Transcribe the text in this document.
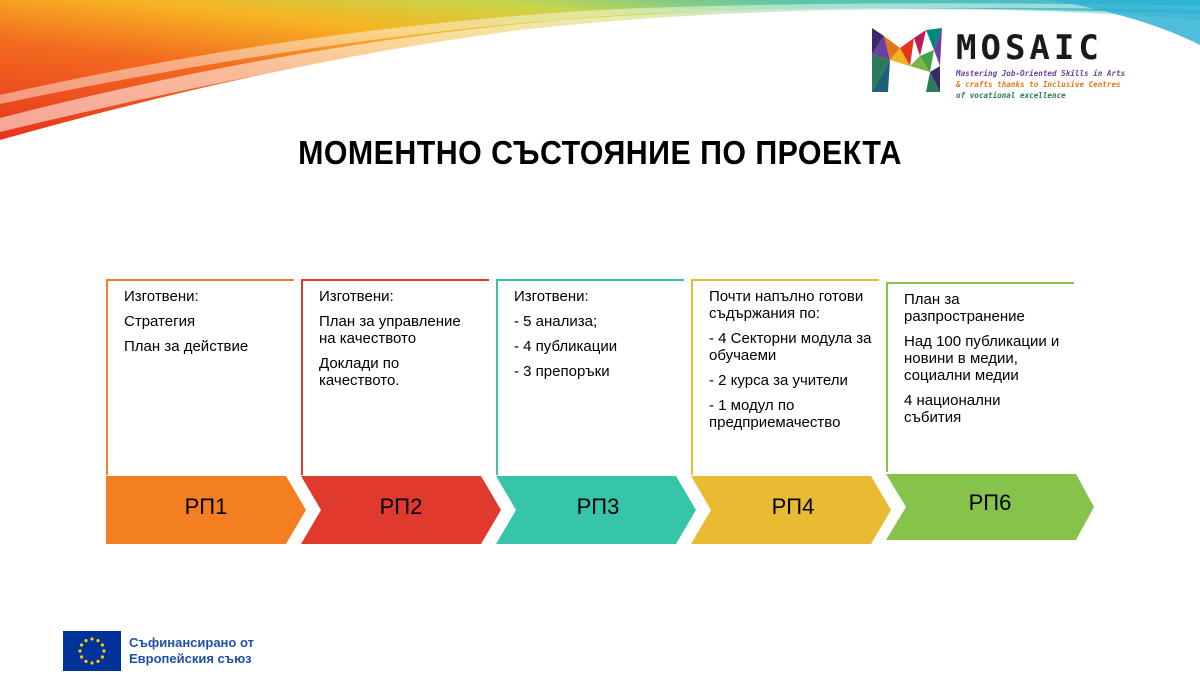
MOSAIC
Mastering Job-Oriented Skills in Arts
& crafts thanks to Inclusive Centres
of vocational excellence
МОМЕНТНО СЪСТОЯНИЕ ПО ПРОЕКТА
Изготвени:
Стратегия
План за действие
Изготвени:
План за управление на качеството
Доклади по качеството.
Изготвени:
- 5 анализа;
- 4 публикации
- 3 препоръки
Почти напълно готови съдържания по:
- 4 Секторни модула за обучаеми
- 2 курса за учители
- 1 модул по предприемачество
План за разпространение
Над 100 публикации и новини в медии, социални медии
4 национални събития
РП1	РП2	РП3	РП4	РП6
Съфинансирано от
Европейския съюз
